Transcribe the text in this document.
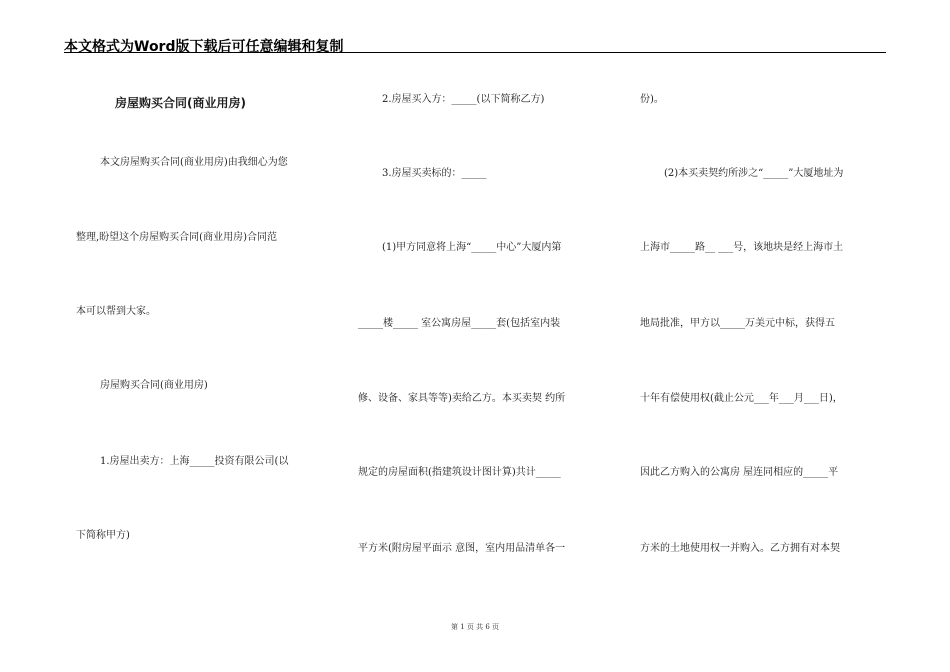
本文格式为Word版下载后可任意编辑和复制
房屋购买合同(商业用房)
本文房屋购买合同(商业用房)由我细心为您
整理,盼望这个房屋购买合同(商业用房)合同范
本可以帮到大家。
房屋购买合同(商业用房)
1.房屋出卖方：上海_____投资有限公司(以
下简称甲方)
2.房屋买入方：_____(以下简称乙方)
3.房屋买卖标的：_____
(1)甲方同意将上海“_____中心”大厦内第
_____楼_____ 室公寓房屋_____套(包括室内装
修、设备、家具等等)卖给乙方。本买卖契 约所
规定的房屋面积(指建筑设计图计算)共计_____
平方米(附房屋平面示 意图，室内用品清单各一
份)。
(2)本买卖契约所涉之“_____”大厦地址为
上海市_____路__ ___号，该地块是经上海市土
地局批准，甲方以_____万美元中标，获得五
十年有偿使用权(截止公元___年___月___日)，
因此乙方购入的公寓房 屋连同相应的_____平
方米的土地使用权一并购入。乙方拥有对本契
第 1 页 共 6 页
